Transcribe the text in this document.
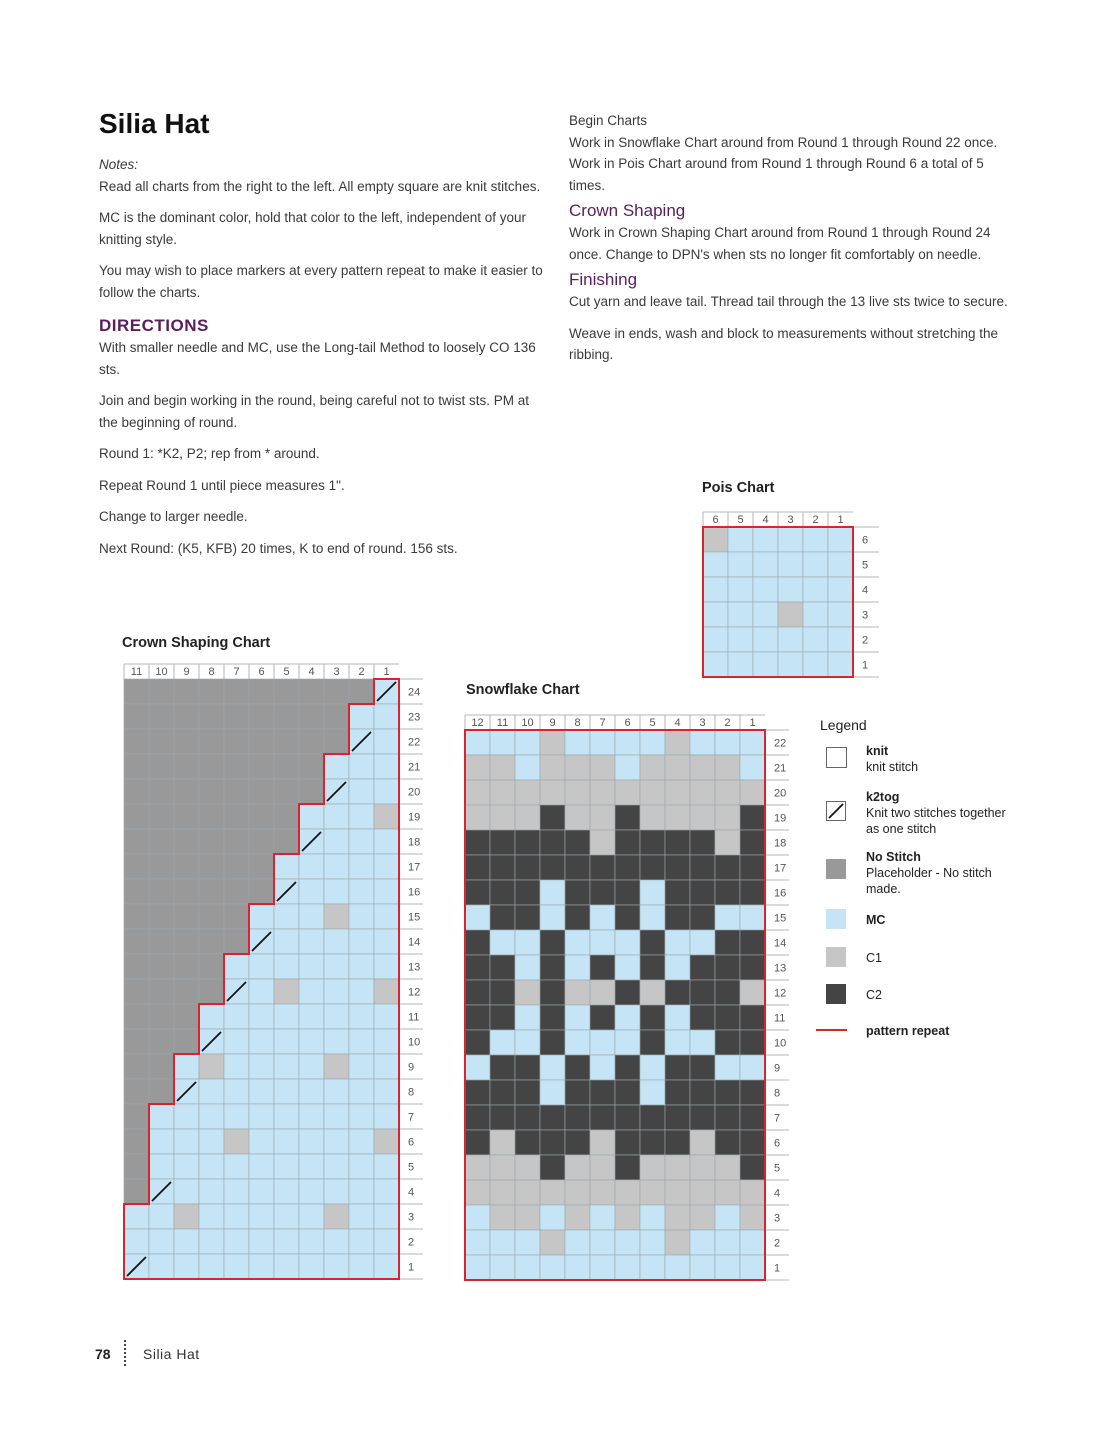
Silia Hat

Notes:

Read all charts from the right to the left. All empty square are knit stitches.

MC is the dominant color, hold that color to the left, independent of your knitting style.

You may wish to place markers at every pattern repeat to make it easier to follow the charts.

DIRECTIONS

With smaller needle and MC, use the Long-tail Method to loosely CO 136 sts.

Join and begin working in the round, being careful not to twist sts. PM at the beginning of round.

Round 1: *K2, P2; rep from * around.

Repeat Round 1 until piece measures 1".

Change to larger needle.

Next Round: (K5, KFB) 20 times, K to end of round. 156 sts.

Begin Charts

Work in Snowflake Chart around from Round 1 through Round 22 once.

Work in Pois Chart around from Round 1 through Round 6 a total of 5 times.

Crown Shaping

Work in Crown Shaping Chart around from Round 1 through Round 24 once. Change to DPN's when sts no longer fit comfortably on needle.

Finishing

Cut yarn and leave tail. Thread tail through the 13 live sts twice to secure.

Weave in ends, wash and block to measurements without stretching the ribbing.

Pois Chart
Crown Shaping Chart
Snowflake Chart
6 5 4 3 2 1
6
5
4
3
2
1
11 10 9 8 7 6 5 4 3 2 1
24
23
22
21
20
19
18
17
16
15
14
13
12
11
10
9
8
7
6
5
4
3
2
1
12 11 10 9 8 7 6 5 4 3 2 1
22
21
20
19
18
17
16
15
14
13
12
11
10
9
8
7
6
5
4
3
2
1
Legend
knit
knit stitch
k2tog
Knit two stitches together as one stitch
No Stitch
Placeholder - No stitch made.
MC
C1
C2
pattern repeat
78 Silia Hat
